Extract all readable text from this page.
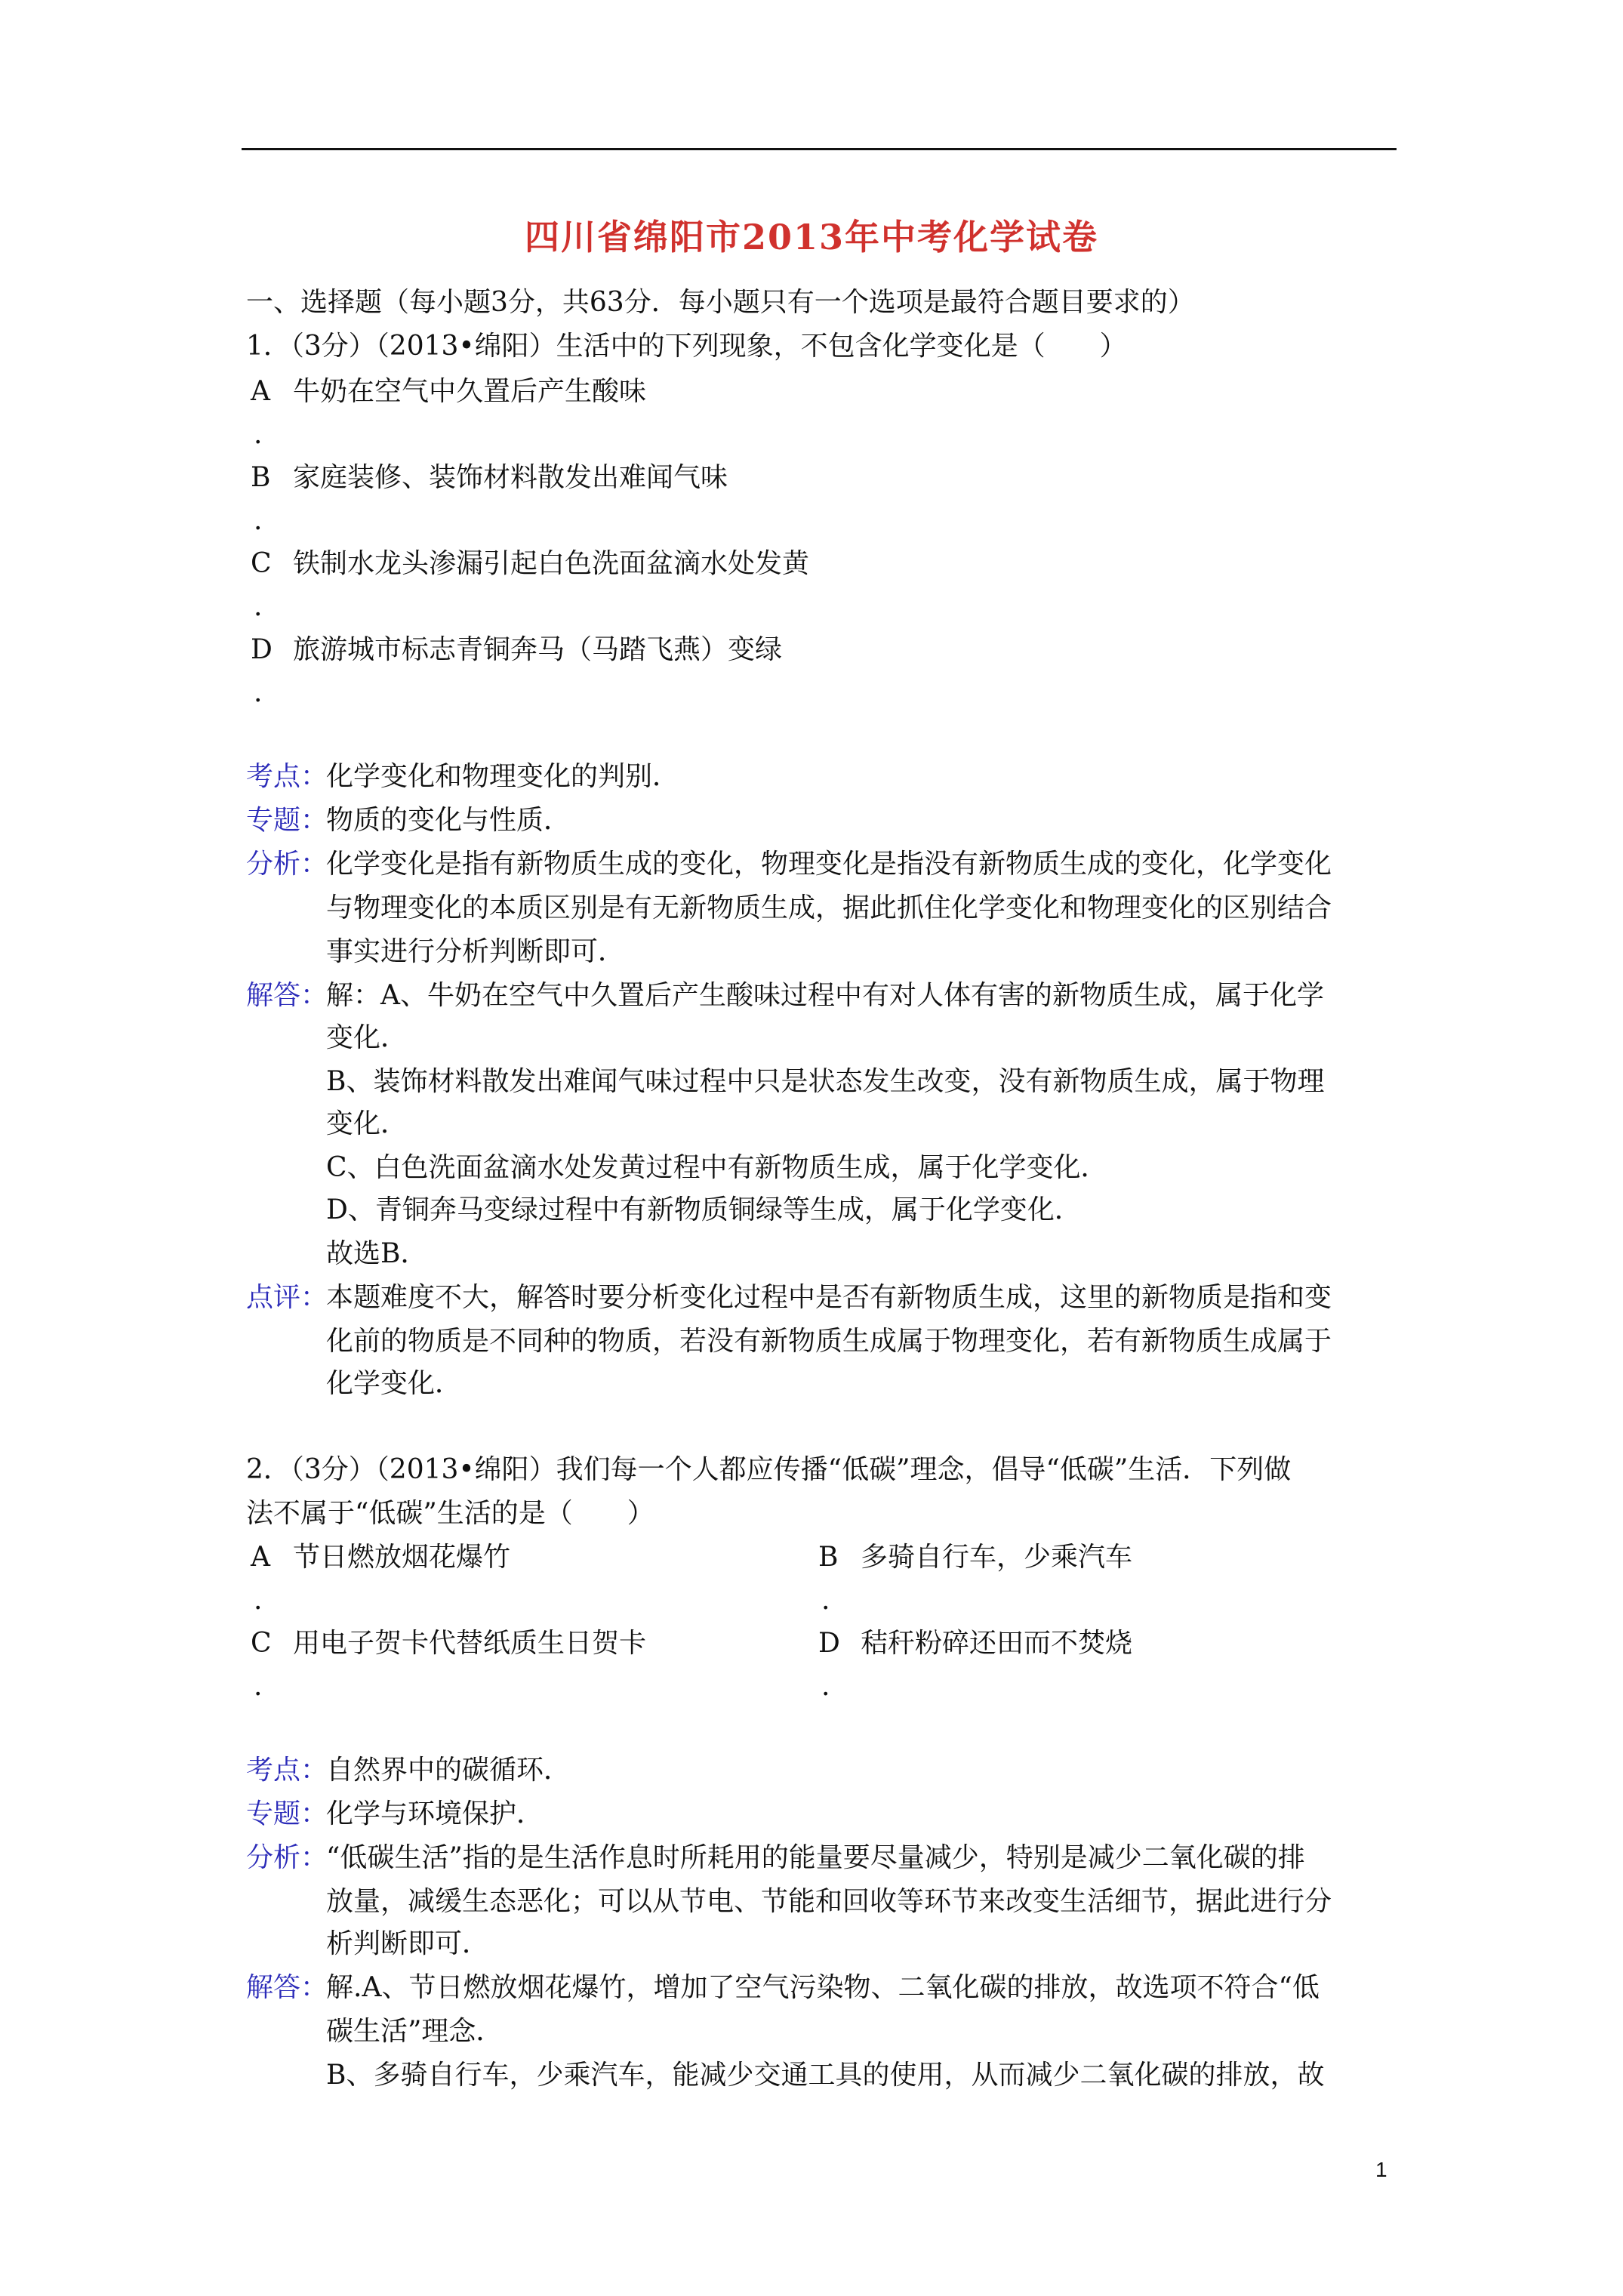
四川省绵阳市2013年中考化学试卷
一、选择题（每小题3分，共63分．每小题只有一个选项是最符合题目要求的）
1．（3分）（2013•绵阳）生活中的下列现象，不包含化学变化是（　　）
A 牛奶在空气中久置后产生酸味
.
B 家庭装修、装饰材料散发出难闻气味
.
C 铁制水龙头渗漏引起白色洗面盆滴水处发黄
.
D 旅游城市标志青铜奔马（马踏飞燕）变绿
.
考点：
化学变化和物理变化的判别．
专题：
物质的变化与性质．
分析：
化学变化是指有新物质生成的变化，物理变化是指没有新物质生成的变化，化学变化
与物理变化的本质区别是有无新物质生成，据此抓住化学变化和物理变化的区别结合
事实进行分析判断即可．
解答：
解：A、牛奶在空气中久置后产生酸味过程中有对人体有害的新物质生成，属于化学
变化．
B、装饰材料散发出难闻气味过程中只是状态发生改变，没有新物质生成，属于物理
变化．
C、白色洗面盆滴水处发黄过程中有新物质生成，属于化学变化．
D、青铜奔马变绿过程中有新物质铜绿等生成，属于化学变化．
故选B．
点评：
本题难度不大，解答时要分析变化过程中是否有新物质生成，这里的新物质是指和变
化前的物质是不同种的物质，若没有新物质生成属于物理变化，若有新物质生成属于
化学变化．
2．（3分）（2013•绵阳）我们每一个人都应传播“低碳”理念，倡导“低碳”生活．下列做
法不属于“低碳”生活的是（　　）
A 节日燃放烟花爆竹
.
B 多骑自行车，少乘汽车
.
C 用电子贺卡代替纸质生日贺卡
.
D 秸秆粉碎还田而不焚烧
.
考点：
自然界中的碳循环．
专题：
化学与环境保护．
分析：
“低碳生活”指的是生活作息时所耗用的能量要尽量减少，特别是减少二氧化碳的排
放量，减缓生态恶化；可以从节电、节能和回收等环节来改变生活细节，据此进行分
析判断即可．
解答：
解.A、节日燃放烟花爆竹，增加了空气污染物、二氧化碳的排放，故选项不符合“低
碳生活”理念．
B、多骑自行车，少乘汽车，能减少交通工具的使用，从而减少二氧化碳的排放，故
1
